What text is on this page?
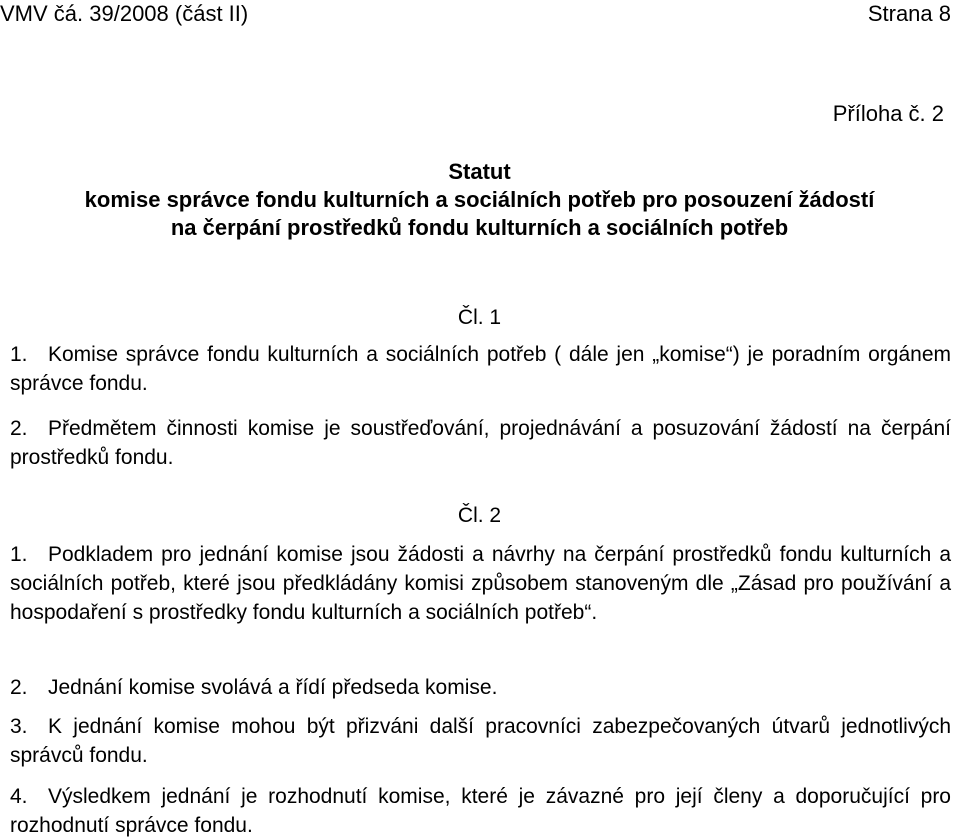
VMV čá. 39/2008 (část II)	Strana 8
Příloha č. 2
Statut
komise správce fondu kulturních a sociálních potřeb pro posouzení žádostí
na čerpání prostředků fondu kulturních a sociálních potřeb
Čl. 1
1. Komise správce fondu kulturních a sociálních potřeb ( dále jen „komise“) je poradním orgánem správce fondu.
2. Předmětem činnosti komise je soustřeďování, projednávání a posuzování žádostí na čerpání prostředků fondu.
Čl. 2
1. Podkladem pro jednání komise jsou žádosti a návrhy na čerpání prostředků fondu kulturních a sociálních potřeb, které jsou předkládány komisi způsobem stanoveným dle „Zásad pro používání a hospodaření s prostředky fondu kulturních a sociálních potřeb“.
2. Jednání komise svolává a řídí předseda komise.
3. K jednání komise mohou být přizváni další pracovníci zabezpečovaných útvarů jednotlivých správců fondu.
4. Výsledkem jednání je rozhodnutí komise, které je závazné pro její členy a doporučující pro rozhodnutí správce fondu.
